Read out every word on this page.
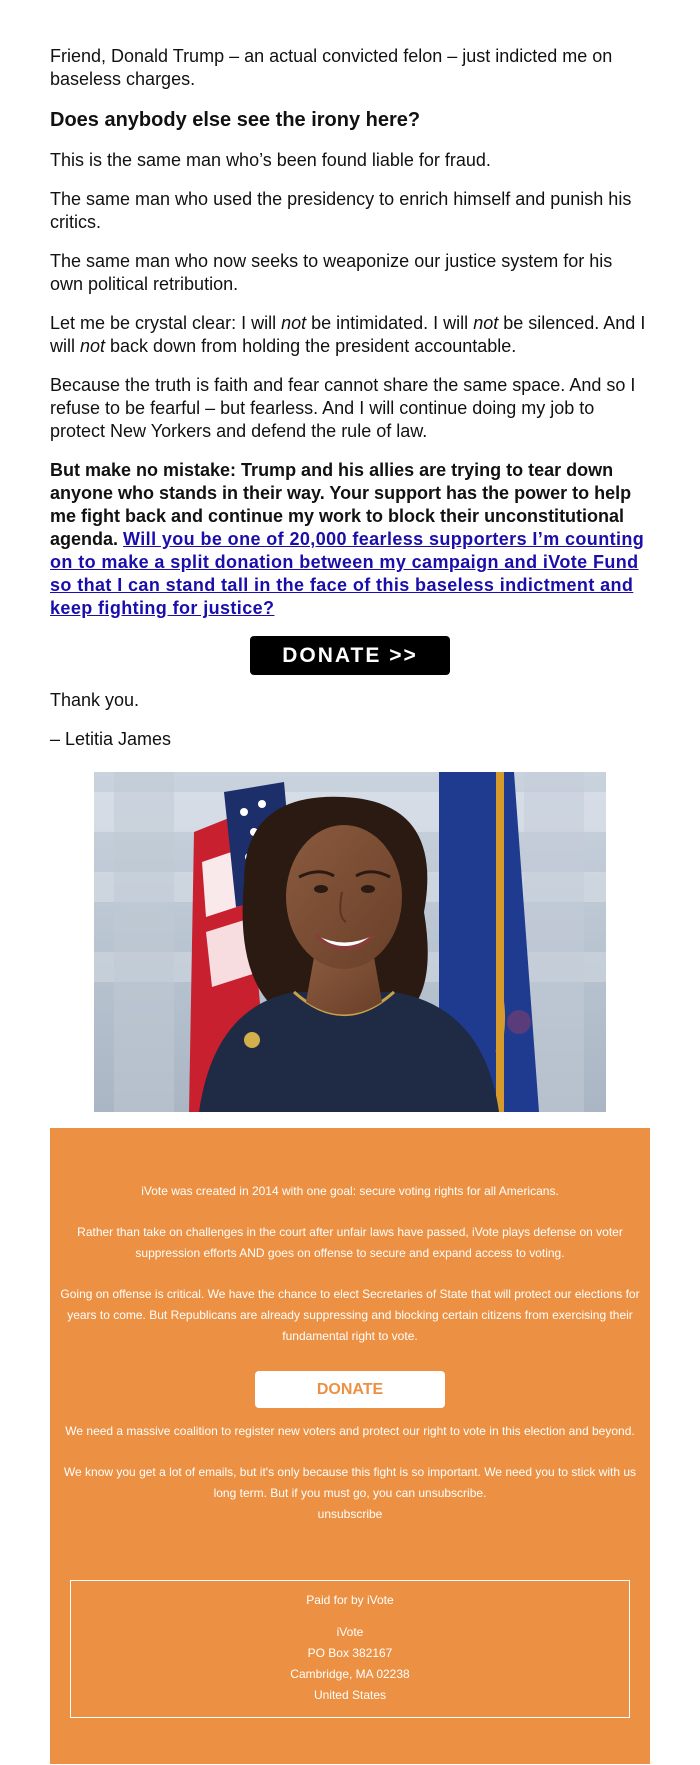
Friend, Donald Trump – an actual convicted felon – just indicted me on baseless charges.

Does anybody else see the irony here?

This is the same man who’s been found liable for fraud.

The same man who used the presidency to enrich himself and punish his critics.

The same man who now seeks to weaponize our justice system for his own political retribution.

Let me be crystal clear: I will not be intimidated. I will not be silenced. And I will not back down from holding the president accountable.

Because the truth is faith and fear cannot share the same space. And so I refuse to be fearful – but fearless. And I will continue doing my job to protect New Yorkers and defend the rule of law.

But make no mistake: Trump and his allies are trying to tear down anyone who stands in their way. Your support has the power to help me fight back and continue my work to block their unconstitutional agenda. Will you be one of 20,000 fearless supporters I’m counting on to make a split donation between my campaign and iVote Fund so that I can stand tall in the face of this baseless indictment and keep fighting for justice?

DONATE >>

Thank you.

– Letitia James

iVote was created in 2014 with one goal: secure voting rights for all Americans.

Rather than take on challenges in the court after unfair laws have passed, iVote plays defense on voter suppression efforts AND goes on offense to secure and expand access to voting.

Going on offense is critical. We have the chance to elect Secretaries of State that will protect our elections for years to come. But Republicans are already suppressing and blocking certain citizens from exercising their fundamental right to vote.

DONATE

We need a massive coalition to register new voters and protect our right to vote in this election and beyond.

We know you get a lot of emails, but it's only because this fight is so important. We need you to stick with us long term. But if you must go, you can unsubscribe.

unsubscribe

Paid for by iVote

iVote

PO Box 382167

Cambridge, MA 02238

United States
